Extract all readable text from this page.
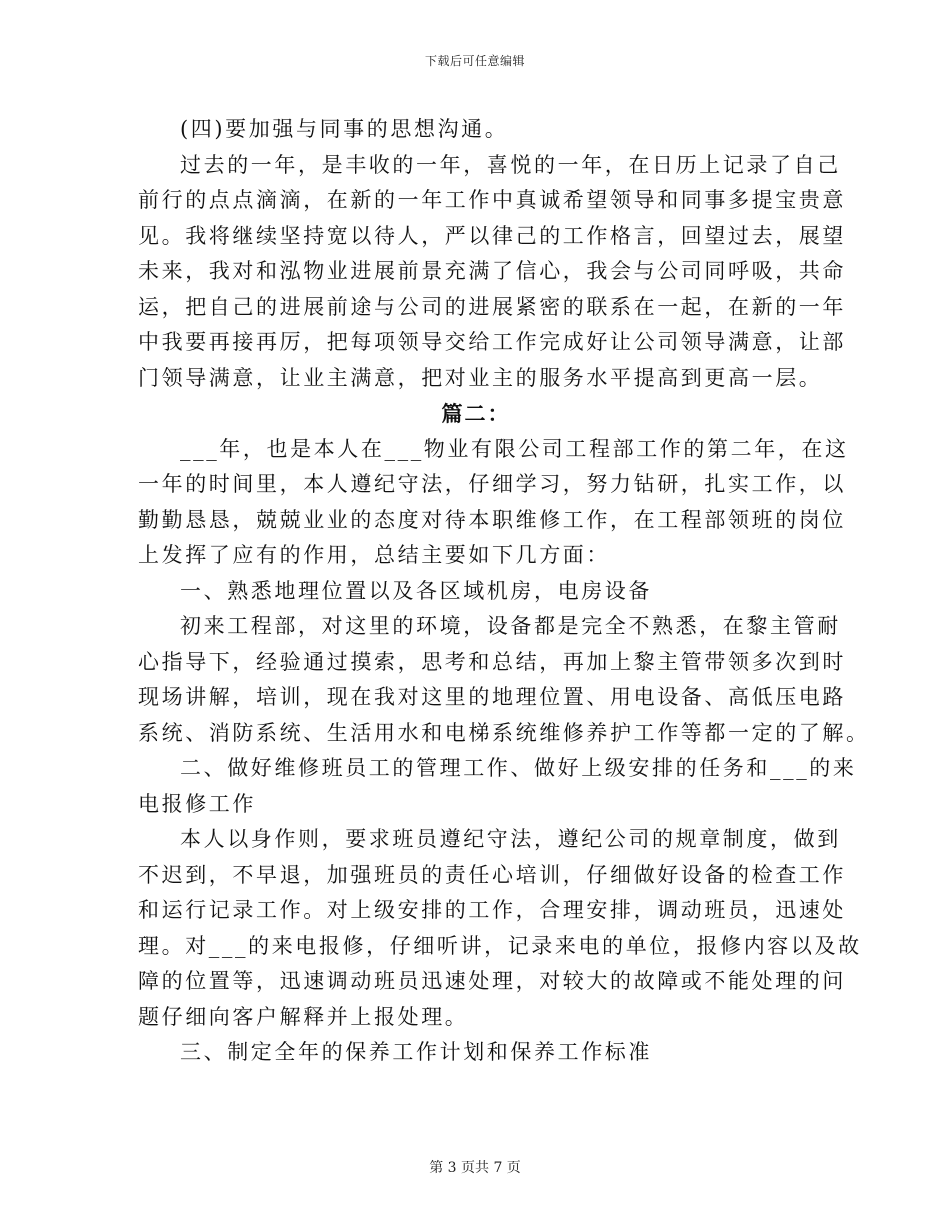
下载后可任意编辑

(四)要加强与同事的思想沟通。

过去的一年，是丰收的一年，喜悦的一年，在日历上记录了自己
前行的点点滴滴，在新的一年工作中真诚希望领导和同事多提宝贵意
见。我将继续坚持宽以待人，严以律己的工作格言，回望过去，展望
未来，我对和泓物业进展前景充满了信心，我会与公司同呼吸，共命
运，把自己的进展前途与公司的进展紧密的联系在一起，在新的一年
中我要再接再厉，把每项领导交给工作完成好让公司领导满意，让部
门领导满意，让业主满意，把对业主的服务水平提高到更高一层。

篇二：

___年，也是本人在___物业有限公司工程部工作的第二年，在这
一年的时间里，本人遵纪守法，仔细学习，努力钻研，扎实工作，以
勤勤恳恳，兢兢业业的态度对待本职维修工作，在工程部领班的岗位
上发挥了应有的作用，总结主要如下几方面：

一、熟悉地理位置以及各区域机房，电房设备

初来工程部，对这里的环境，设备都是完全不熟悉，在黎主管耐
心指导下，经验通过摸索，思考和总结，再加上黎主管带领多次到时
现场讲解，培训，现在我对这里的地理位置、用电设备、高低压电路
系统、消防系统、生活用水和电梯系统维修养护工作等都一定的了解。

二、做好维修班员工的管理工作、做好上级安排的任务和___的来
电报修工作

本人以身作则，要求班员遵纪守法，遵纪公司的规章制度，做到
不迟到，不早退，加强班员的责任心培训，仔细做好设备的检查工作
和运行记录工作。对上级安排的工作，合理安排，调动班员，迅速处
理。对___的来电报修，仔细听讲，记录来电的单位，报修内容以及故
障的位置等，迅速调动班员迅速处理，对较大的故障或不能处理的问
题仔细向客户解释并上报处理。

三、制定全年的保养工作计划和保养工作标准

第 3 页共 7 页
